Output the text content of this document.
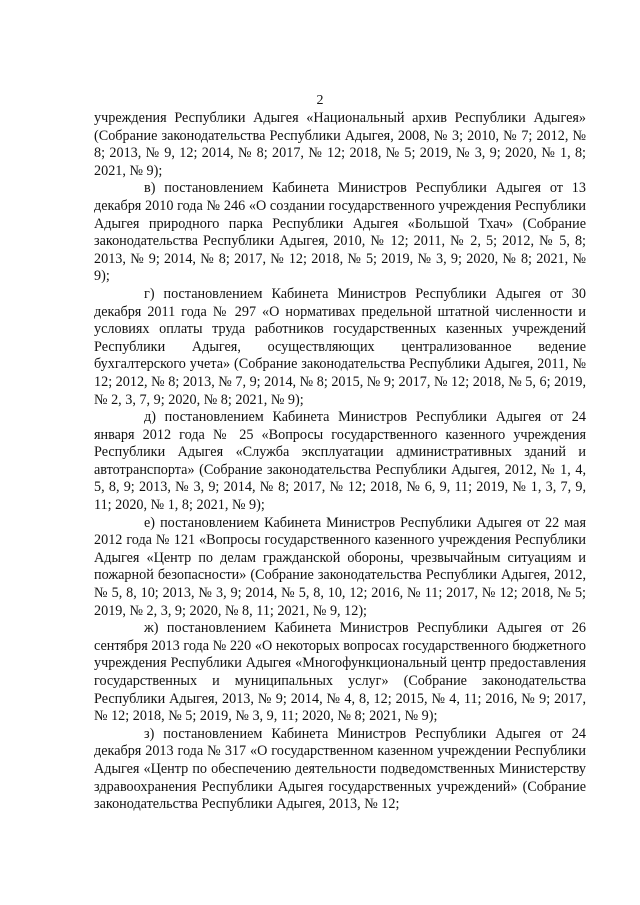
2

учреждения Республики Адыгея «Национальный архив Республики Адыгея» (Собрание законодательства Республики Адыгея, 2008, № 3; 2010, № 7; 2012, № 8; 2013, № 9, 12; 2014, № 8; 2017, № 12; 2018, № 5; 2019, № 3, 9; 2020, № 1, 8; 2021, № 9);

в) постановлением Кабинета Министров Республики Адыгея от 13 декабря 2010 года № 246 «О создании государственного учреждения Республики Адыгея природного парка Республики Адыгея «Большой Тхач» (Собрание законодательства Республики Адыгея, 2010, № 12; 2011, № 2, 5; 2012, № 5, 8; 2013, № 9; 2014, № 8; 2017, № 12; 2018, № 5; 2019, № 3, 9; 2020, № 8; 2021, № 9);

г) постановлением Кабинета Министров Республики Адыгея от 30 декабря 2011 года № 297 «О нормативах предельной штатной численности и условиях оплаты труда работников государственных казенных учреждений Республики Адыгея, осуществляющих централизованное ведение бухгалтерского учета» (Собрание законодательства Республики Адыгея, 2011, № 12; 2012, № 8; 2013, № 7, 9; 2014, № 8; 2015, № 9; 2017, № 12; 2018, № 5, 6; 2019, № 2, 3, 7, 9; 2020, № 8; 2021, № 9);

д) постановлением Кабинета Министров Республики Адыгея от 24 января 2012 года № 25 «Вопросы государственного казенного учреждения Республики Адыгея «Служба эксплуатации административных зданий и автотранспорта» (Собрание законодательства Республики Адыгея, 2012, № 1, 4, 5, 8, 9; 2013, № 3, 9; 2014, № 8; 2017, № 12; 2018, № 6, 9, 11; 2019, № 1, 3, 7, 9, 11; 2020, № 1, 8; 2021, № 9);

е) постановлением Кабинета Министров Республики Адыгея от 22 мая 2012 года № 121 «Вопросы государственного казенного учреждения Республики Адыгея «Центр по делам гражданской обороны, чрезвычайным ситуациям и пожарной безопасности» (Собрание законодательства Республики Адыгея, 2012, № 5, 8, 10; 2013, № 3, 9; 2014, № 5, 8, 10, 12; 2016, № 11; 2017, № 12; 2018, № 5; 2019, № 2, 3, 9; 2020, № 8, 11; 2021, № 9, 12);

ж) постановлением Кабинета Министров Республики Адыгея от 26 сентября 2013 года № 220 «О некоторых вопросах государственного бюджетного учреждения Республики Адыгея «Многофункциональный центр предоставления государственных и муниципальных услуг» (Собрание законодательства Республики Адыгея, 2013, № 9; 2014, № 4, 8, 12; 2015, № 4, 11; 2016, № 9; 2017, № 12; 2018, № 5; 2019, № 3, 9, 11; 2020, № 8; 2021, № 9);

з) постановлением Кабинета Министров Республики Адыгея от 24 декабря 2013 года № 317 «О государственном казенном учреждении Республики Адыгея «Центр по обеспечению деятельности подведомственных Министерству здравоохранения Республики Адыгея государственных учреждений» (Собрание законодательства Республики Адыгея, 2013, № 12;
